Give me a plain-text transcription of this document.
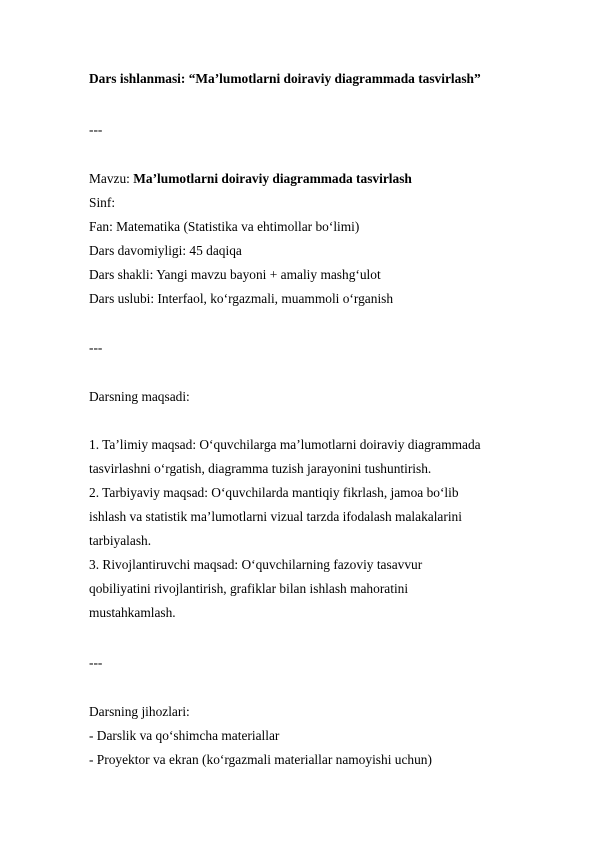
Dars ishlanmasi: “Ma’lumotlarni doiraviy diagrammada tasvirlash”
---
Mavzu: Ma’lumotlarni doiraviy diagrammada tasvirlash
Sinf:
Fan: Matematika (Statistika va ehtimollar bo‘limi)
Dars davomiyligi: 45 daqiqa
Dars shakli: Yangi mavzu bayoni + amaliy mashg‘ulot
Dars uslubi: Interfaol, ko‘rgazmali, muammoli o‘rganish
---
Darsning maqsadi:
1. Ta’limiy maqsad: O‘quvchilarga ma’lumotlarni doiraviy diagrammada
tasvirlashni o‘rgatish, diagramma tuzish jarayonini tushuntirish.
2. Tarbiyaviy maqsad: O‘quvchilarda mantiqiy fikrlash, jamoa bo‘lib
ishlash va statistik ma’lumotlarni vizual tarzda ifodalash malakalarini
tarbiyalash.
3. Rivojlantiruvchi maqsad: O‘quvchilarning fazoviy tasavvur
qobiliyatini rivojlantirish, grafiklar bilan ishlash mahoratini
mustahkamlash.
---
Darsning jihozlari:
- Darslik va qo‘shimcha materiallar
- Proyektor va ekran (ko‘rgazmali materiallar namoyishi uchun)
